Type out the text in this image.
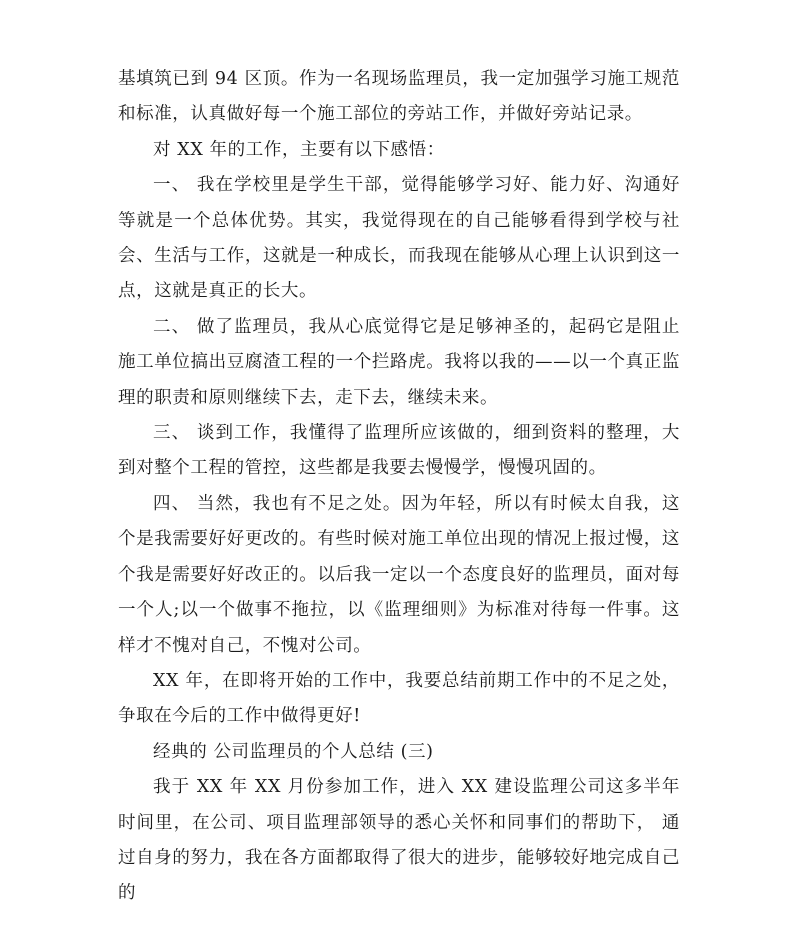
基填筑已到 94 区顶。作为一名现场监理员，我一定加强学习施工规范和标准，认真做好每一个施工部位的旁站工作，并做好旁站记录。

对 XX 年的工作，主要有以下感悟：

一、 我在学校里是学生干部，觉得能够学习好、能力好、沟通好等就是一个总体优势。其实，我觉得现在的自己能够看得到学校与社会、生活与工作，这就是一种成长，而我现在能够从心理上认识到这一点，这就是真正的长大。

二、 做了监理员，我从心底觉得它是足够神圣的，起码它是阻止施工单位搞出豆腐渣工程的一个拦路虎。我将以我的——以一个真正监理的职责和原则继续下去，走下去，继续未来。

三、 谈到工作，我懂得了监理所应该做的，细到资料的整理，大到对整个工程的管控，这些都是我要去慢慢学，慢慢巩固的。

四、 当然，我也有不足之处。因为年轻，所以有时候太自我，这个是我需要好好更改的。有些时候对施工单位出现的情况上报过慢，这个我是需要好好改正的。以后我一定以一个态度良好的监理员，面对每一个人;以一个做事不拖拉，以《监理细则》为标准对待每一件事。这样才不愧对自己，不愧对公司。

XX 年，在即将开始的工作中，我要总结前期工作中的不足之处，争取在今后的工作中做得更好!

经典的 公司监理员的个人总结 (三)

我于 XX 年 XX 月份参加工作，进入 XX 建设监理公司这多半年时间里，在公司、项目监理部领导的悉心关怀和同事们的帮助下， 通过自身的努力，我在各方面都取得了很大的进步，能够较好地完成自己的
